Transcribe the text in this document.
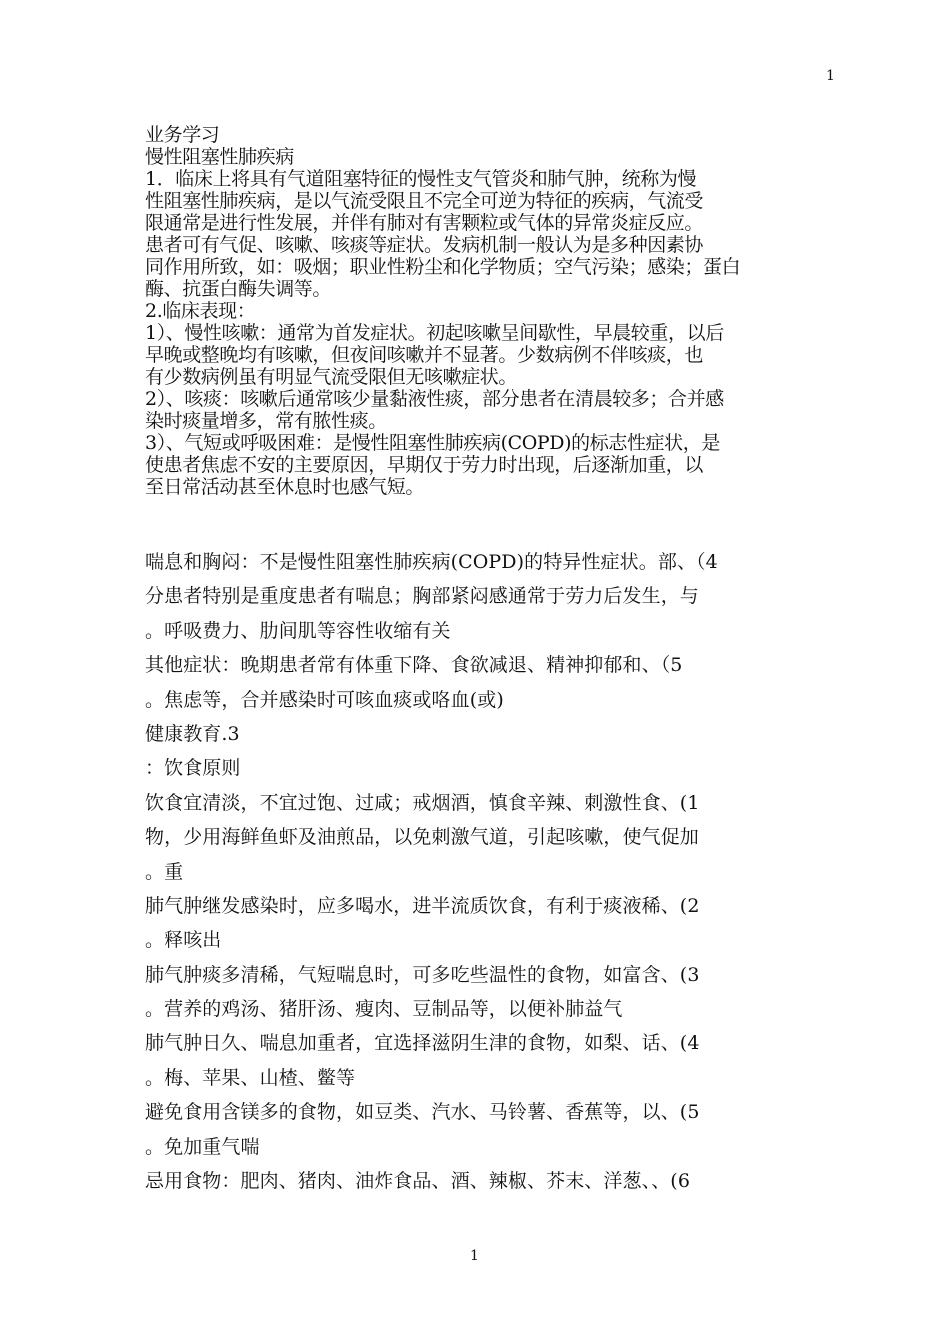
1
业务学习
慢性阻塞性肺疾病
1．临床上将具有气道阻塞特征的慢性支气管炎和肺气肿，统称为慢
性阻塞性肺疾病，是以气流受限且不完全可逆为特征的疾病，气流受
限通常是进行性发展，并伴有肺对有害颗粒或气体的异常炎症反应。
患者可有气促、咳嗽、咳痰等症状。发病机制一般认为是多种因素协
同作用所致，如：吸烟；职业性粉尘和化学物质；空气污染；感染；蛋白
酶、抗蛋白酶失调等。
2.临床表现：
1）、慢性咳嗽：通常为首发症状。初起咳嗽呈间歇性，早晨较重，以后
早晚或整晚均有咳嗽，但夜间咳嗽并不显著。少数病例不伴咳痰，也
有少数病例虽有明显气流受限但无咳嗽症状。
2）、咳痰：咳嗽后通常咳少量黏液性痰，部分患者在清晨较多；合并感
染时痰量增多，常有脓性痰。
3）、气短或呼吸困难：是慢性阻塞性肺疾病(COPD)的标志性症状，是
使患者焦虑不安的主要原因，早期仅于劳力时出现，后逐渐加重，以
至日常活动甚至休息时也感气短。
喘息和胸闷：不是慢性阻塞性肺疾病(COPD)的特异性症状。部、（4
分患者特别是重度患者有喘息；胸部紧闷感通常于劳力后发生，与
。呼吸费力、肋间肌等容性收缩有关
其他症状：晚期患者常有体重下降、食欲减退、精神抑郁和、（5
。焦虑等，合并感染时可咳血痰或咯血(或)
健康教育.3
：饮食原则
饮食宜清淡，不宜过饱、过咸；戒烟酒，慎食辛辣、刺激性食、(1
物，少用海鲜鱼虾及油煎品，以免刺激气道，引起咳嗽，使气促加
。重
肺气肿继发感染时，应多喝水，进半流质饮食，有利于痰液稀、(2
。释咳出
肺气肿痰多清稀，气短喘息时，可多吃些温性的食物，如富含、(3
。营养的鸡汤、猪肝汤、瘦肉、豆制品等，以便补肺益气
肺气肿日久、喘息加重者，宜选择滋阴生津的食物，如梨、话、(4
。梅、苹果、山楂、鳖等
避免食用含镁多的食物，如豆类、汽水、马铃薯、香蕉等，以、(5
。免加重气喘
忌用食物：肥肉、猪肉、油炸食品、酒、辣椒、芥末、洋葱、、(6
1
